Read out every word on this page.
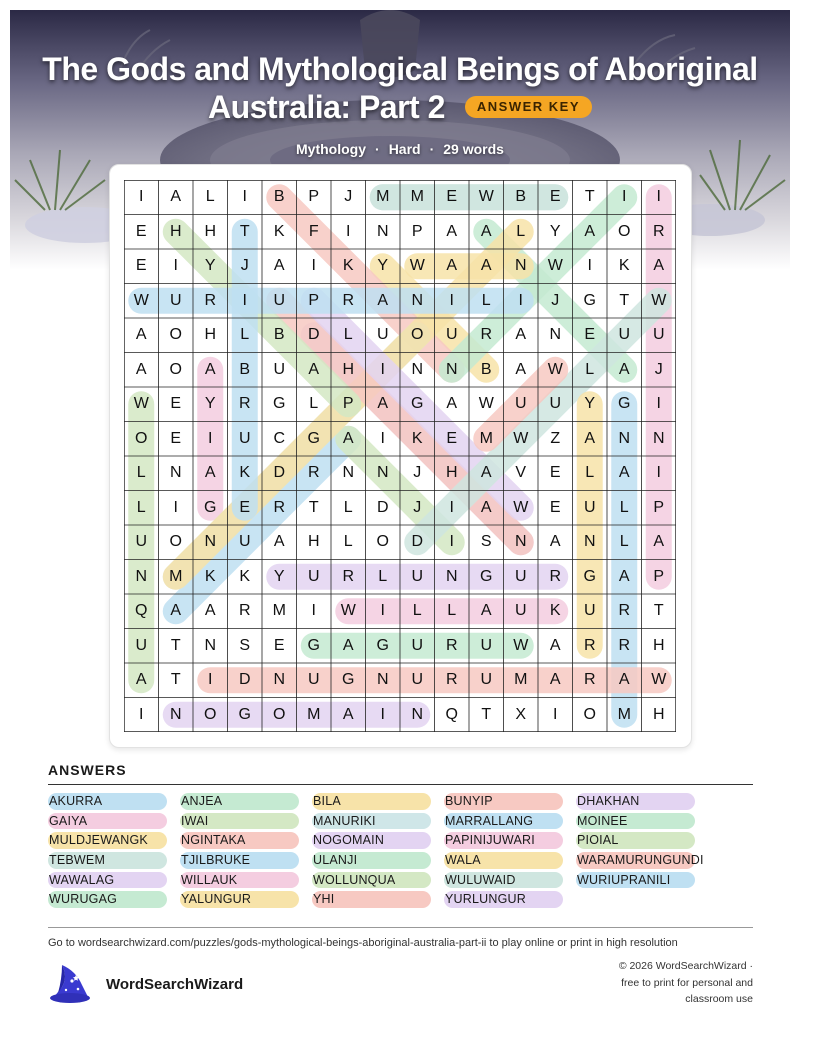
The Gods and Mythological Beings of Aboriginal Australia: Part 2 ANSWER KEY
Mythology · Hard · 29 words
I	A	L	I	B	P	J	M	M	E	W	B	E	T	I	I
E	H	H	T	K	F	I	N	P	A	A	L	Y	A	O	R
E	I	Y	J	A	I	K	Y	W	A	A	N	W	I	K	A
W	U	R	I	U	P	R	A	N	I	L	I	J	G	T	W
A	O	H	L	B	D	L	U	O	U	R	A	N	E	U	U
A	O	A	B	U	A	H	I	N	N	B	A	W	L	A	J
W	E	Y	R	G	L	P	A	G	A	W	U	U	Y	G	I
O	E	I	U	C	G	A	I	K	E	M	W	Z	A	N	N
L	N	A	K	D	R	N	N	J	H	A	V	E	L	A	I
L	I	G	E	R	T	L	D	J	I	A	W	E	U	L	P
U	O	N	U	A	H	L	O	D	I	S	N	A	N	L	A
N	M	K	K	Y	U	R	L	U	N	G	U	R	G	A	P
Q	A	A	R	M	I	W	I	L	L	A	U	K	U	R	T
U	T	N	S	E	G	A	G	U	R	U	W	A	R	R	H
A	T	I	D	N	U	G	N	U	R	U	M	A	R	A	W
I	N	O	G	O	M	A	I	N	Q	T	X	I	O	M	H
ANSWERS
AKURRA	ANJEA	BILA	BUNYIP	DHAKHAN
GAIYA	IWAI	MANURIKI	MARRALLANG	MOINEE
MULDJEWANGK	NGINTAKA	NOGOMAIN	PAPINIJUWARI	PIOIAL
TEBWEM	TJILBRUKE	ULANJI	WALA	WARAMURUNGUNDI
WAWALAG	WILLAUK	WOLLUNQUA	WULUWAID	WURIUPRANILI
WURUGAG	YALUNGUR	YHI	YURLUNGUR
Go to wordsearchwizard.com/puzzles/gods-mythological-beings-aboriginal-australia-part-ii to play online or print in high resolution
WordSearchWizard
© 2026 WordSearchWizard ·
free to print for personal and
classroom use
